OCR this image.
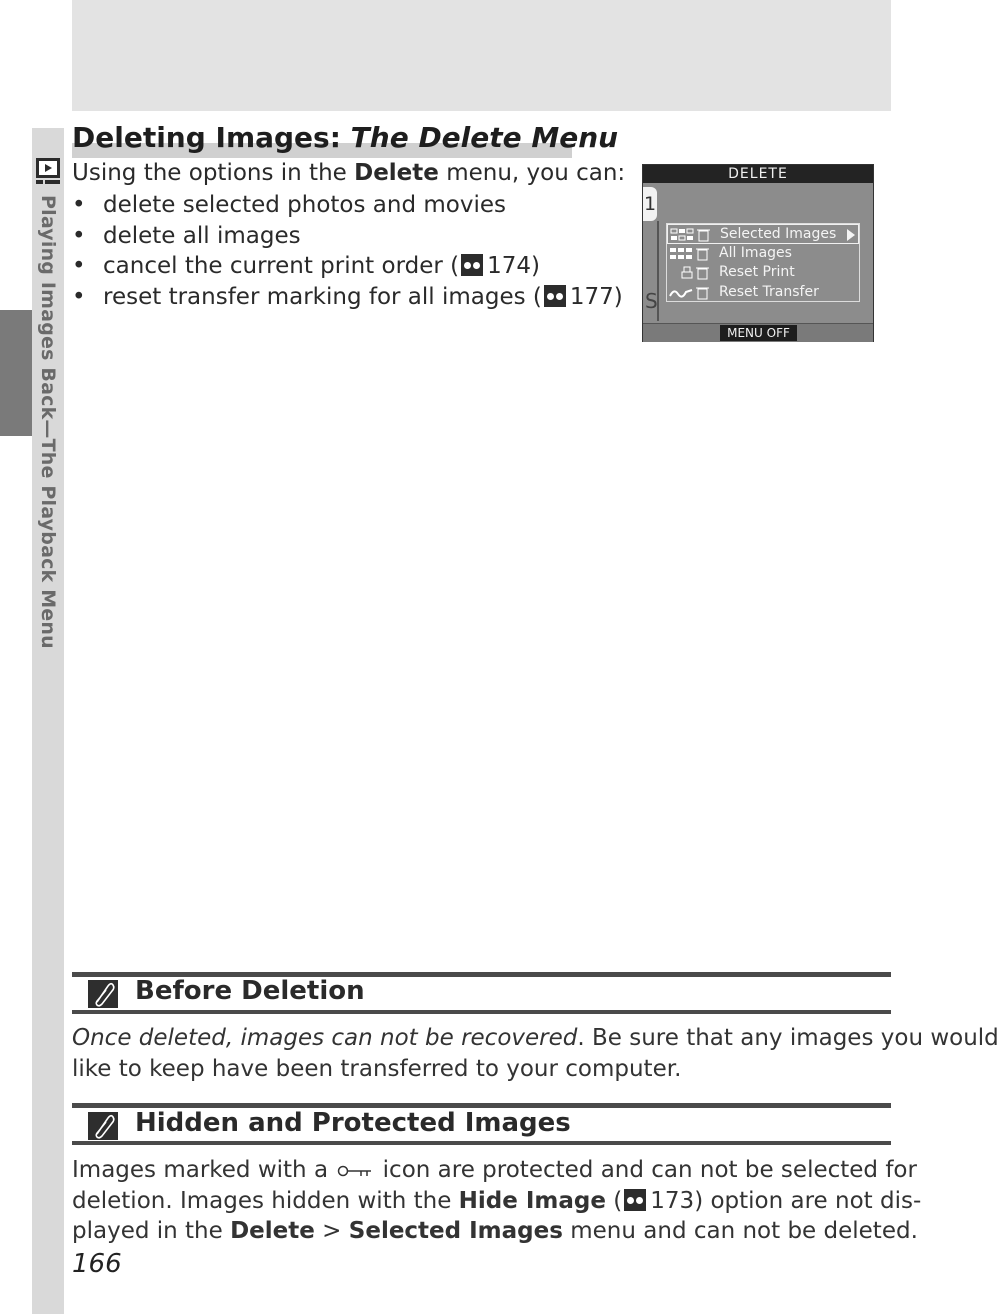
Playing Images Back—The Playback Menu
Deleting Images: The Delete Menu
Using the options in the Delete menu, you can:
• delete selected photos and movies
• delete all images
• cancel the current print order ( 174)
• reset transfer marking for all images ( 177)
DELETE
1
S
Selected Images
All Images
Reset Print
Reset Transfer
MENU OFF
Before Deletion
Once deleted, images can not be recovered. Be sure that any images you would
like to keep have been transferred to your computer.
Hidden and Protected Images
Images marked with a  icon are protected and can not be selected for
deletion. Images hidden with the Hide Image ( 173) option are not dis-
played in the Delete > Selected Images menu and can not be deleted.
166
